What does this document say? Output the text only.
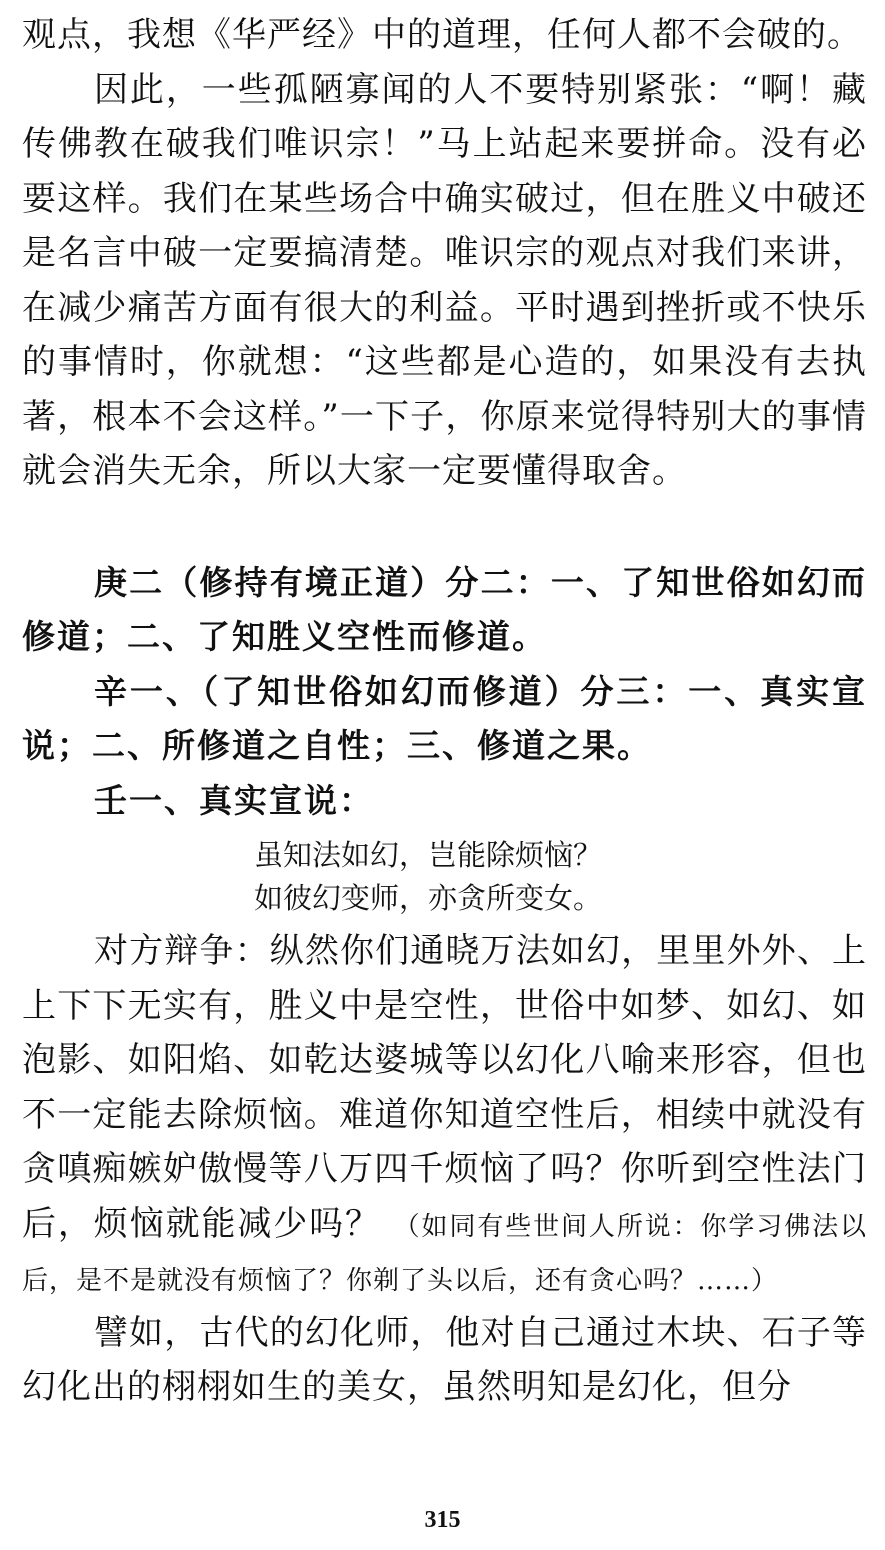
观点，我想《华严经》中的道理，任何人都不会破的。

因此，一些孤陋寡闻的人不要特别紧张：“啊！藏传佛教在破我们唯识宗！”马上站起来要拼命。没有必要这样。我们在某些场合中确实破过，但在胜义中破还是名言中破一定要搞清楚。唯识宗的观点对我们来讲，在减少痛苦方面有很大的利益。平时遇到挫折或不快乐的事情时，你就想：“这些都是心造的，如果没有去执著，根本不会这样。”一下子，你原来觉得特别大的事情就会消失无余，所以大家一定要懂得取舍。

庚二（修持有境正道）分二：一、了知世俗如幻而修道；二、了知胜义空性而修道。

辛一、（了知世俗如幻而修道）分三：一、真实宣说；二、所修道之自性；三、修道之果。

壬一、真实宣说：

虽知法如幻，岂能除烦恼？

如彼幻变师，亦贪所变女。

对方辩争：纵然你们通晓万法如幻，里里外外、上上下下无实有，胜义中是空性，世俗中如梦、如幻、如泡影、如阳焰、如乾达婆城等以幻化八喻来形容，但也不一定能去除烦恼。难道你知道空性后，相续中就没有贪嗔痴嫉妒傲慢等八万四千烦恼了吗？你听到空性法门后，烦恼就能减少吗？ （如同有些世间人所说：你学习佛法以后，是不是就没有烦恼了？你剃了头以后，还有贪心吗？……）

譬如，古代的幻化师，他对自己通过木块、石子等幻化出的栩栩如生的美女，虽然明知是幻化，但分

315
